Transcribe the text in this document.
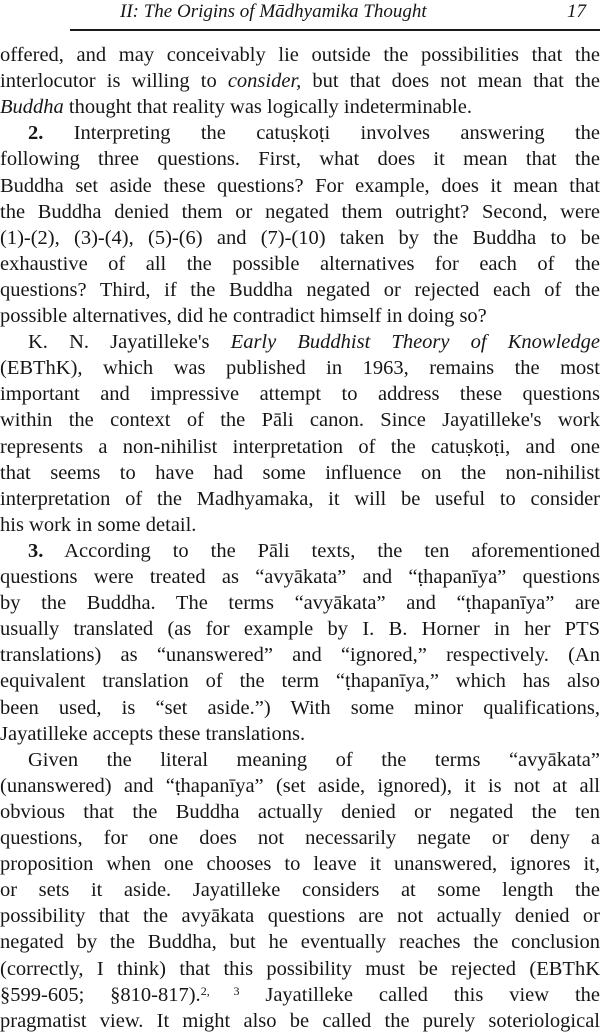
II: The Origins of Mādhyamika Thought	17
offered, and may conceivably lie outside the possibilities that the
interlocutor is willing to consider, but that does not mean that the
Buddha thought that reality was logically indeterminable.
2. Interpreting the catuṣkoṭi involves answering the
following three questions. First, what does it mean that the
Buddha set aside these questions? For example, does it mean that
the Buddha denied them or negated them outright? Second, were
(1)-(2), (3)-(4), (5)-(6) and (7)-(10) taken by the Buddha to be
exhaustive of all the possible alternatives for each of the
questions? Third, if the Buddha negated or rejected each of the
possible alternatives, did he contradict himself in doing so?
K. N. Jayatilleke's Early Buddhist Theory of Knowledge
(EBThK), which was published in 1963, remains the most
important and impressive attempt to address these questions
within the context of the Pāli canon. Since Jayatilleke's work
represents a non-nihilist interpretation of the catuṣkoṭi, and one
that seems to have had some influence on the non-nihilist
interpretation of the Madhyamaka, it will be useful to consider
his work in some detail.
3. According to the Pāli texts, the ten aforementioned
questions were treated as “avyākata” and “ṭhapanīya” questions
by the Buddha. The terms “avyākata” and “ṭhapanīya” are
usually translated (as for example by I. B. Horner in her PTS
translations) as “unanswered” and “ignored,” respectively. (An
equivalent translation of the term “ṭhapanīya,” which has also
been used, is “set aside.”) With some minor qualifications,
Jayatilleke accepts these translations.
Given the literal meaning of the terms “avyākata”
(unanswered) and “ṭhapanīya” (set aside, ignored), it is not at all
obvious that the Buddha actually denied or negated the ten
questions, for one does not necessarily negate or deny a
proposition when one chooses to leave it unanswered, ignores it,
or sets it aside. Jayatilleke considers at some length the
possibility that the avyākata questions are not actually denied or
negated by the Buddha, but he eventually reaches the conclusion
(correctly, I think) that this possibility must be rejected (EBThK
§599-605; §810-817).$^{2, 3}$ Jayatilleke called this view the
pragmatist view. It might also be called the purely soteriological
